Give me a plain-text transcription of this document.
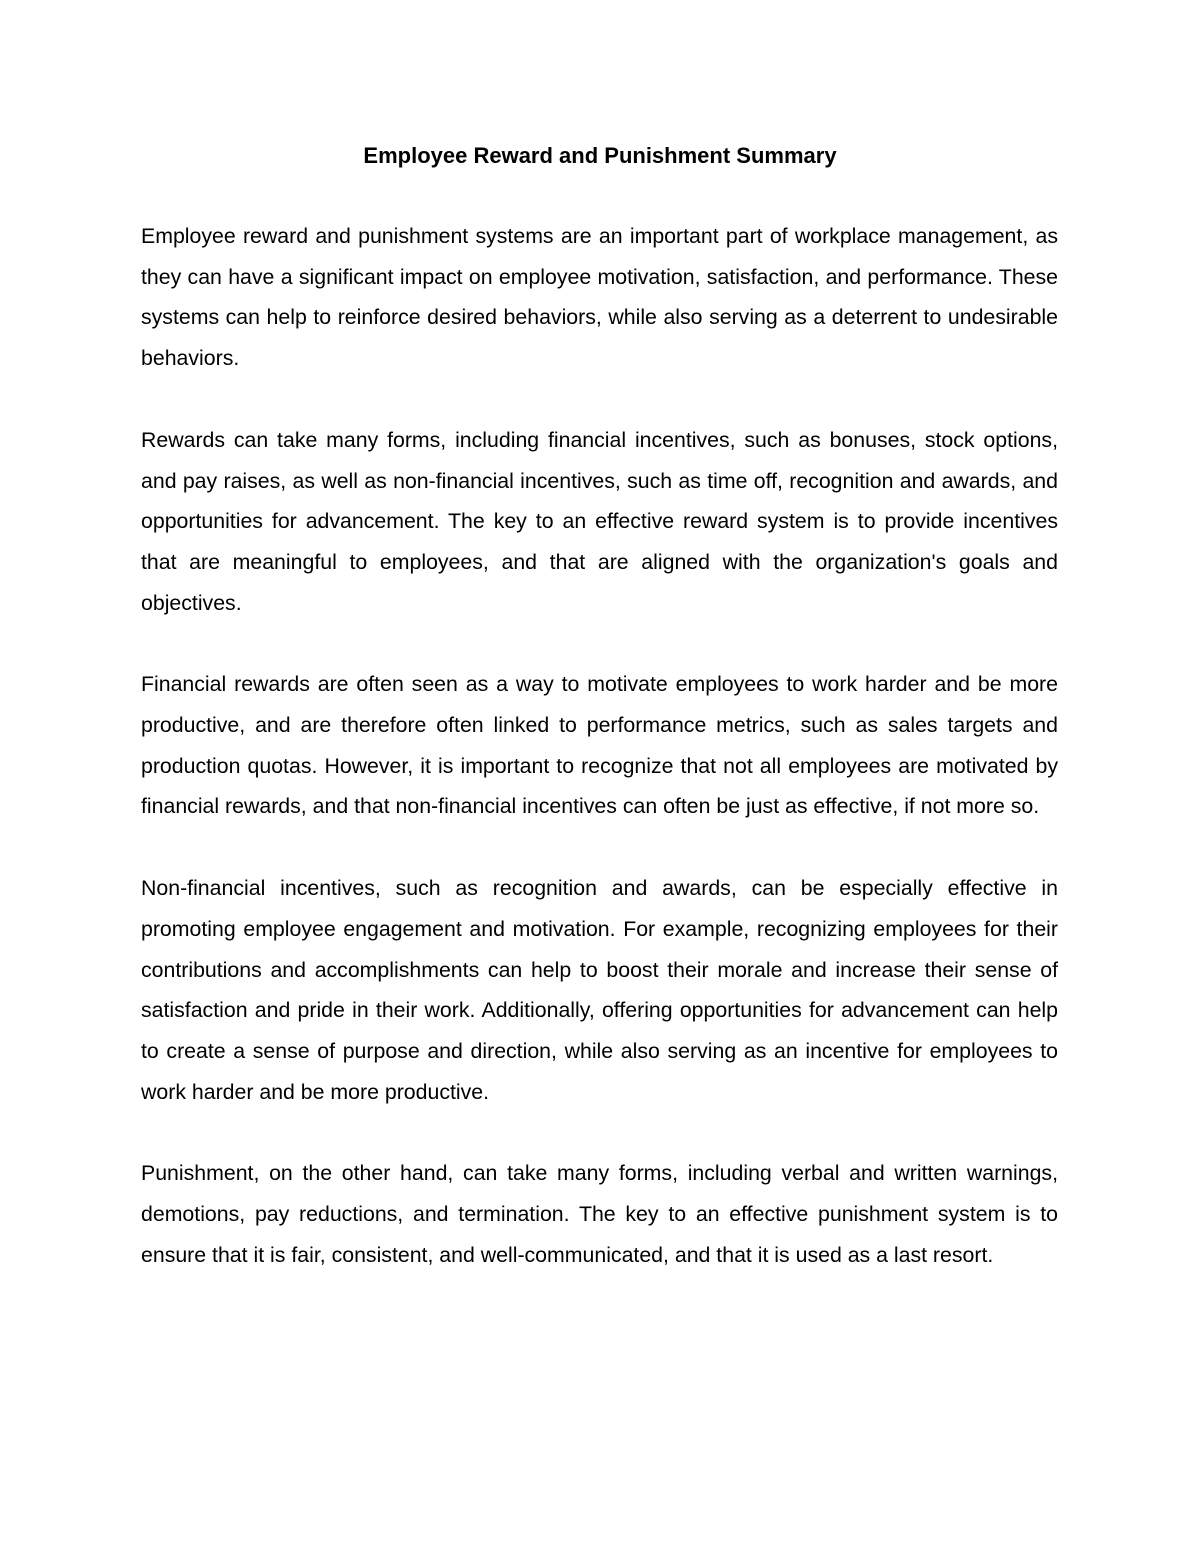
Employee Reward and Punishment Summary

Employee reward and punishment systems are an important part of workplace management, as they can have a significant impact on employee motivation, satisfaction, and performance. These systems can help to reinforce desired behaviors, while also serving as a deterrent to undesirable behaviors.

Rewards can take many forms, including financial incentives, such as bonuses, stock options, and pay raises, as well as non-financial incentives, such as time off, recognition and awards, and opportunities for advancement. The key to an effective reward system is to provide incentives that are meaningful to employees, and that are aligned with the organization's goals and objectives.

Financial rewards are often seen as a way to motivate employees to work harder and be more productive, and are therefore often linked to performance metrics, such as sales targets and production quotas. However, it is important to recognize that not all employees are motivated by financial rewards, and that non-financial incentives can often be just as effective, if not more so.

Non-financial incentives, such as recognition and awards, can be especially effective in promoting employee engagement and motivation. For example, recognizing employees for their contributions and accomplishments can help to boost their morale and increase their sense of satisfaction and pride in their work. Additionally, offering opportunities for advancement can help to create a sense of purpose and direction, while also serving as an incentive for employees to work harder and be more productive.

Punishment, on the other hand, can take many forms, including verbal and written warnings, demotions, pay reductions, and termination. The key to an effective punishment system is to ensure that it is fair, consistent, and well-communicated, and that it is used as a last resort.
